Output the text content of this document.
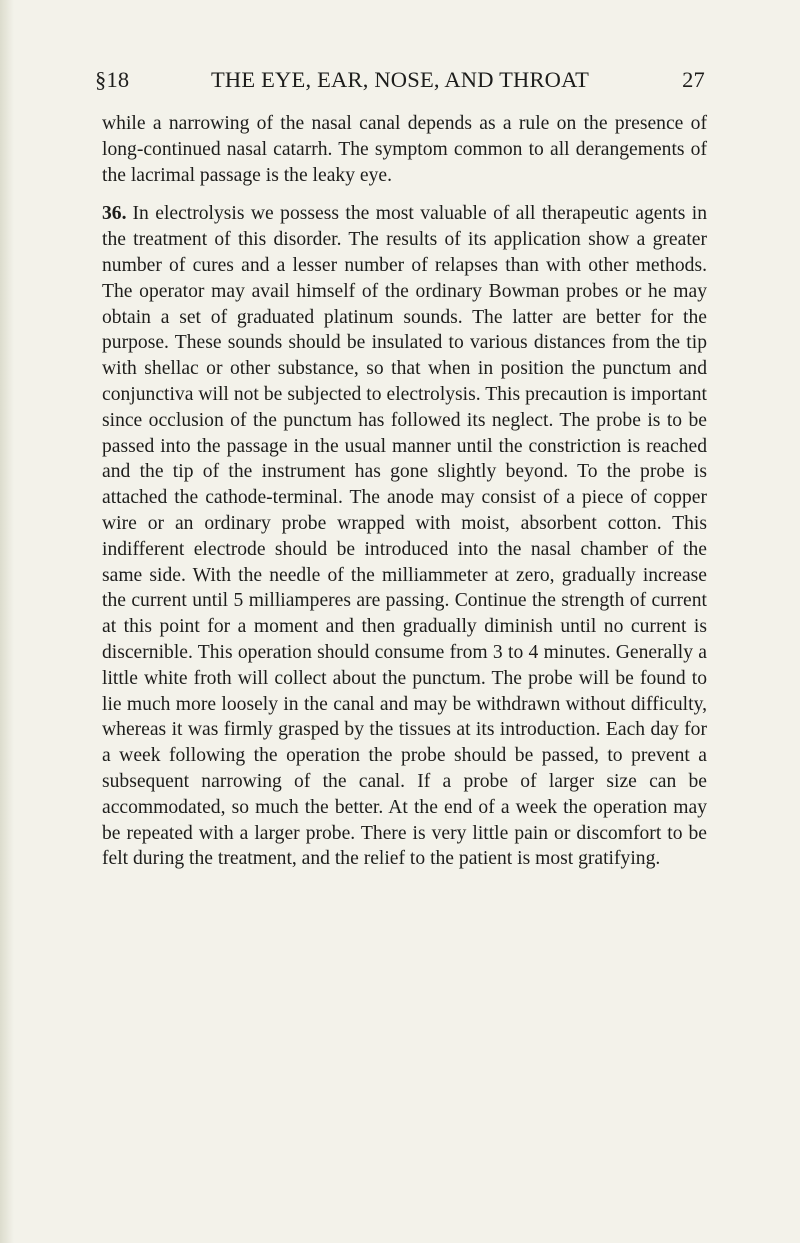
§18	THE EYE, EAR, NOSE, AND THROAT	27

while a narrowing of the nasal canal depends as a rule on the presence of long-continued nasal catarrh. The symptom common to all derangements of the lacrimal passage is the leaky eye.

36. In electrolysis we possess the most valuable of all therapeutic agents in the treatment of this disorder. The results of its application show a greater number of cures and a lesser number of relapses than with other methods. The operator may avail himself of the ordinary Bowman probes or he may obtain a set of graduated platinum sounds. The latter are better for the purpose. These sounds should be insulated to various distances from the tip with shellac or other substance, so that when in position the punctum and conjunctiva will not be subjected to electrolysis. This precaution is important since occlusion of the punctum has followed its neglect. The probe is to be passed into the passage in the usual manner until the constriction is reached and the tip of the instrument has gone slightly beyond. To the probe is attached the cathode-terminal. The anode may consist of a piece of copper wire or an ordinary probe wrapped with moist, absorbent cotton. This indifferent electrode should be introduced into the nasal chamber of the same side. With the needle of the milliammeter at zero, gradually increase the current until 5 milliamperes are passing. Continue the strength of current at this point for a moment and then gradually diminish until no current is discernible. This operation should consume from 3 to 4 minutes. Generally a little white froth will collect about the punctum. The probe will be found to lie much more loosely in the canal and may be withdrawn without difficulty, whereas it was firmly grasped by the tissues at its introduction. Each day for a week following the operation the probe should be passed, to prevent a subsequent narrowing of the canal. If a probe of larger size can be accommodated, so much the better. At the end of a week the operation may be repeated with a larger probe. There is very little pain or discomfort to be felt during the treatment, and the relief to the patient is most gratifying.
